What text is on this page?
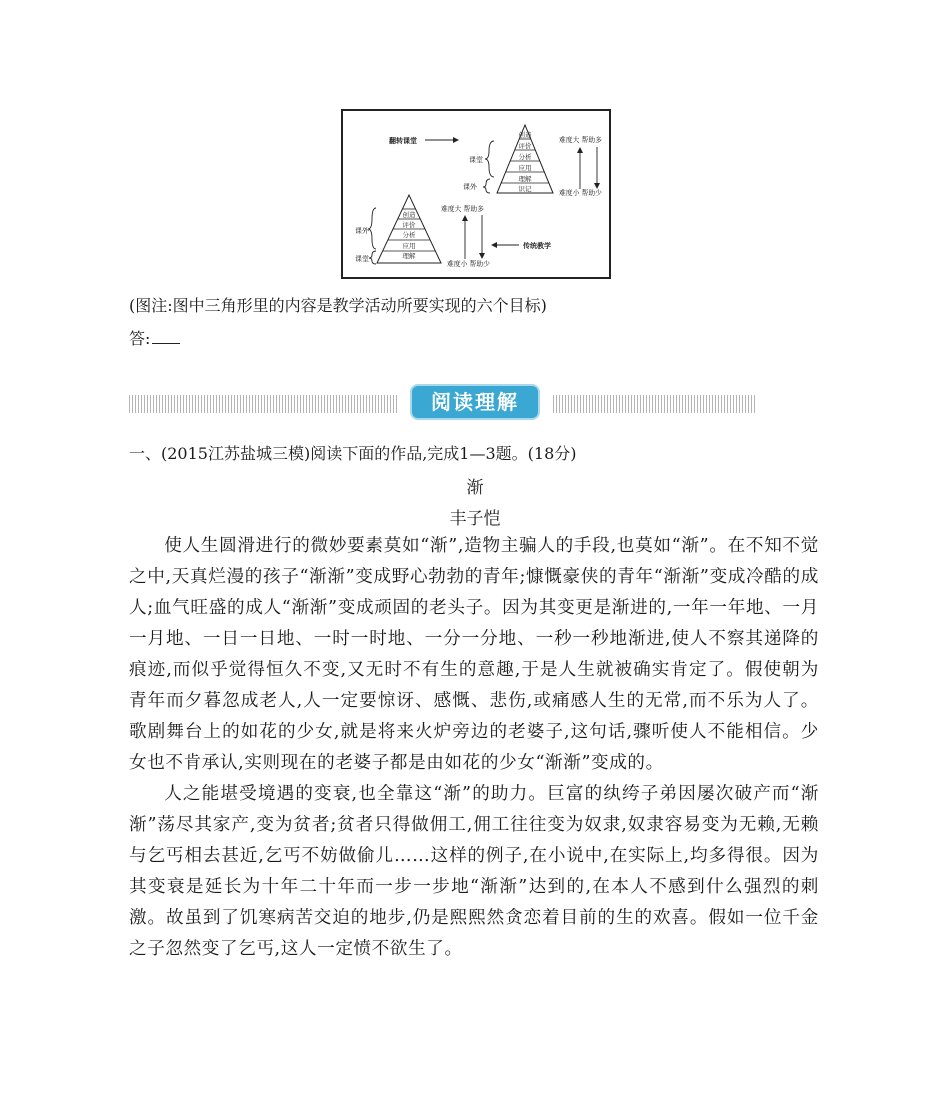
创造
评价
分析
应用
理解
识记
翻转课堂
课堂
课外
难度大 帮助多
难度小 帮助少
创造
评价
分析
应用
理解
课外
课堂
难度大 帮助多
难度小 帮助少
传统教学
(图注:图中三角形里的内容是教学活动所要实现的六个目标)
答:
阅读理解
一、(2015江苏盐城三模)阅读下面的作品,完成1—3题。(18分)
渐
丰子恺

使人生圆滑进行的微妙要素莫如“渐”,造物主骗人的手段,也莫如“渐”。在不知不觉之中,天真烂漫的孩子“渐渐”变成野心勃勃的青年;慷慨豪侠的青年“渐渐”变成冷酷的成人;血气旺盛的成人“渐渐”变成顽固的老头子。因为其变更是渐进的,一年一年地、一月一月地、一日一日地、一时一时地、一分一分地、一秒一秒地渐进,使人不察其递降的痕迹,而似乎觉得恒久不变,又无时不有生的意趣,于是人生就被确实肯定了。假使朝为青年而夕暮忽成老人,人一定要惊讶、感慨、悲伤,或痛感人生的无常,而不乐为人了。歌剧舞台上的如花的少女,就是将来火炉旁边的老婆子,这句话,骤听使人不能相信。少女也不肯承认,实则现在的老婆子都是由如花的少女“渐渐”变成的。

人之能堪受境遇的变衰,也全靠这“渐”的助力。巨富的纨绔子弟因屡次破产而“渐渐”荡尽其家产,变为贫者;贫者只得做佣工,佣工往往变为奴隶,奴隶容易变为无赖,无赖与乞丐相去甚近,乞丐不妨做偷儿……这样的例子,在小说中,在实际上,均多得很。因为其变衰是延长为十年二十年而一步一步地“渐渐”达到的,在本人不感到什么强烈的刺激。故虽到了饥寒病苦交迫的地步,仍是熙熙然贪恋着目前的生的欢喜。假如一位千金之子忽然变了乞丐,这人一定愤不欲生了。
